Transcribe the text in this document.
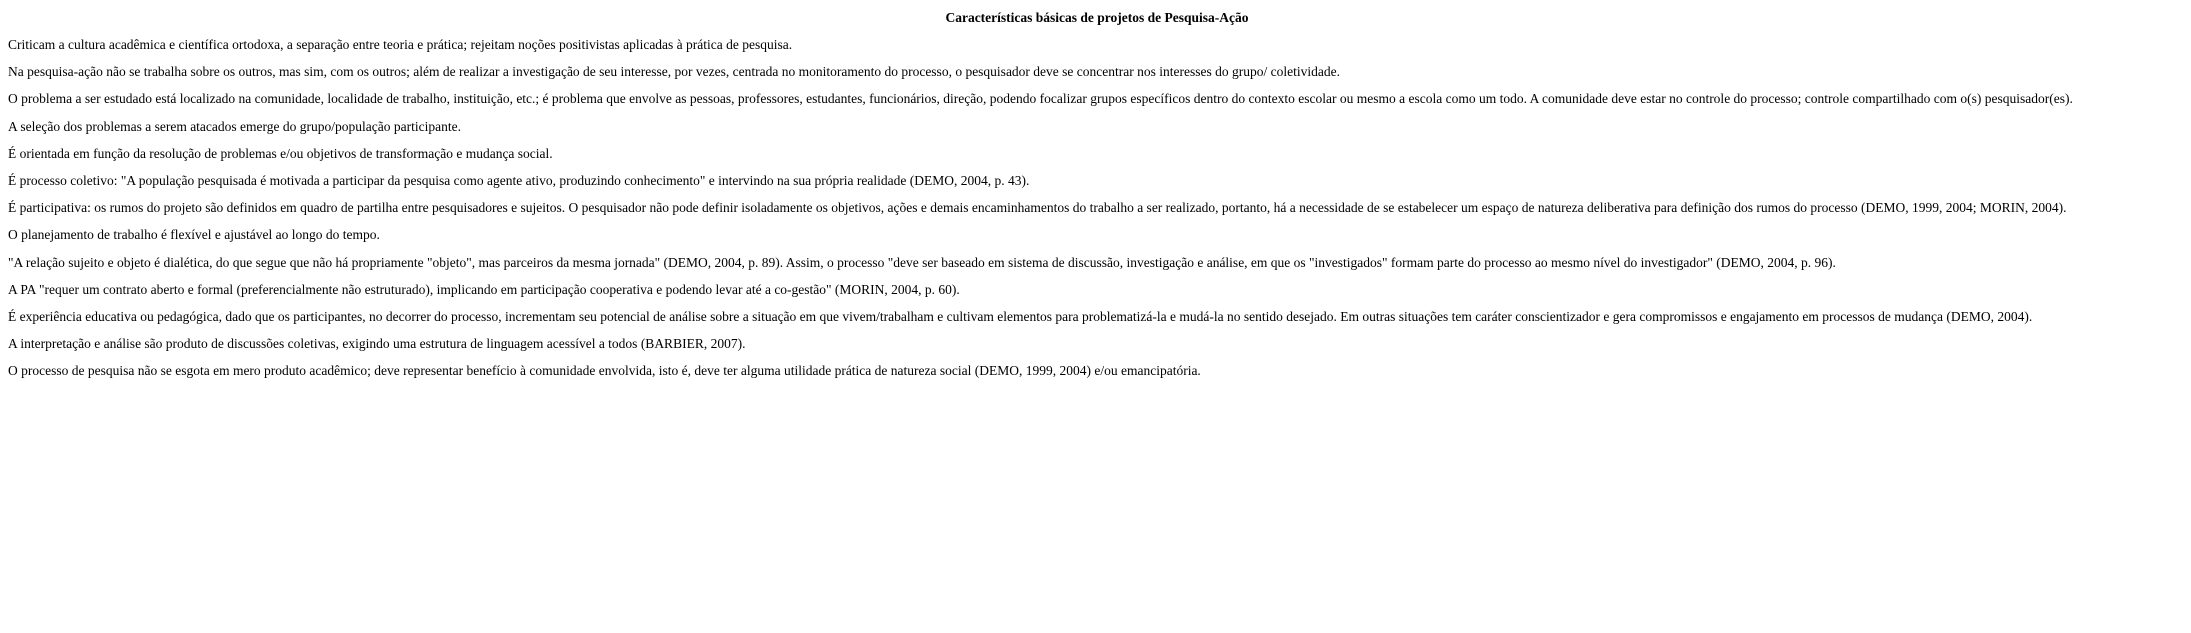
Características básicas de projetos de Pesquisa-Ação
Criticam a cultura acadêmica e científica ortodoxa, a separação entre teoria e prática; rejeitam noções positivistas aplicadas à prática de pesquisa.
Na pesquisa-ação não se trabalha sobre os outros, mas sim, com os outros; além de realizar a investigação de seu interesse, por vezes, centrada no monitoramento do processo, o pesquisador deve se concentrar nos interesses do grupo/ coletividade.
O problema a ser estudado está localizado na comunidade, localidade de trabalho, instituição, etc.; é problema que envolve as pessoas, professores, estudantes, funcionários, direção, podendo focalizar grupos específicos dentro do contexto escolar ou mesmo a escola como um todo. A comunidade deve estar no controle do processo; controle compartilhado com o(s) pesquisador(es).
A seleção dos problemas a serem atacados emerge do grupo/população participante.
É orientada em função da resolução de problemas e/ou objetivos de transformação e mudança social.
É processo coletivo: "A população pesquisada é motivada a participar da pesquisa como agente ativo, produzindo conhecimento" e intervindo na sua própria realidade (DEMO, 2004, p. 43).
É participativa: os rumos do projeto são definidos em quadro de partilha entre pesquisadores e sujeitos. O pesquisador não pode definir isoladamente os objetivos, ações e demais encaminhamentos do trabalho a ser realizado, portanto, há a necessidade de se estabelecer um espaço de natureza deliberativa para definição dos rumos do processo (DEMO, 1999, 2004; MORIN, 2004).
O planejamento de trabalho é flexível e ajustável ao longo do tempo.
"A relação sujeito e objeto é dialética, do que segue que não há propriamente "objeto", mas parceiros da mesma jornada" (DEMO, 2004, p. 89). Assim, o processo "deve ser baseado em sistema de discussão, investigação e análise, em que os "investigados" formam parte do processo ao mesmo nível do investigador" (DEMO, 2004, p. 96).
A PA "requer um contrato aberto e formal (preferencialmente não estruturado), implicando em participação cooperativa e podendo levar até a co-gestão" (MORIN, 2004, p. 60).
É experiência educativa ou pedagógica, dado que os participantes, no decorrer do processo, incrementam seu potencial de análise sobre a situação em que vivem/trabalham e cultivam elementos para problematizá-la e mudá-la no sentido desejado. Em outras situações tem caráter conscientizador e gera compromissos e engajamento em processos de mudança (DEMO, 2004).
A interpretação e análise são produto de discussões coletivas, exigindo uma estrutura de linguagem acessível a todos (BARBIER, 2007).
O processo de pesquisa não se esgota em mero produto acadêmico; deve representar benefício à comunidade envolvida, isto é, deve ter alguma utilidade prática de natureza social (DEMO, 1999, 2004) e/ou emancipatória.
